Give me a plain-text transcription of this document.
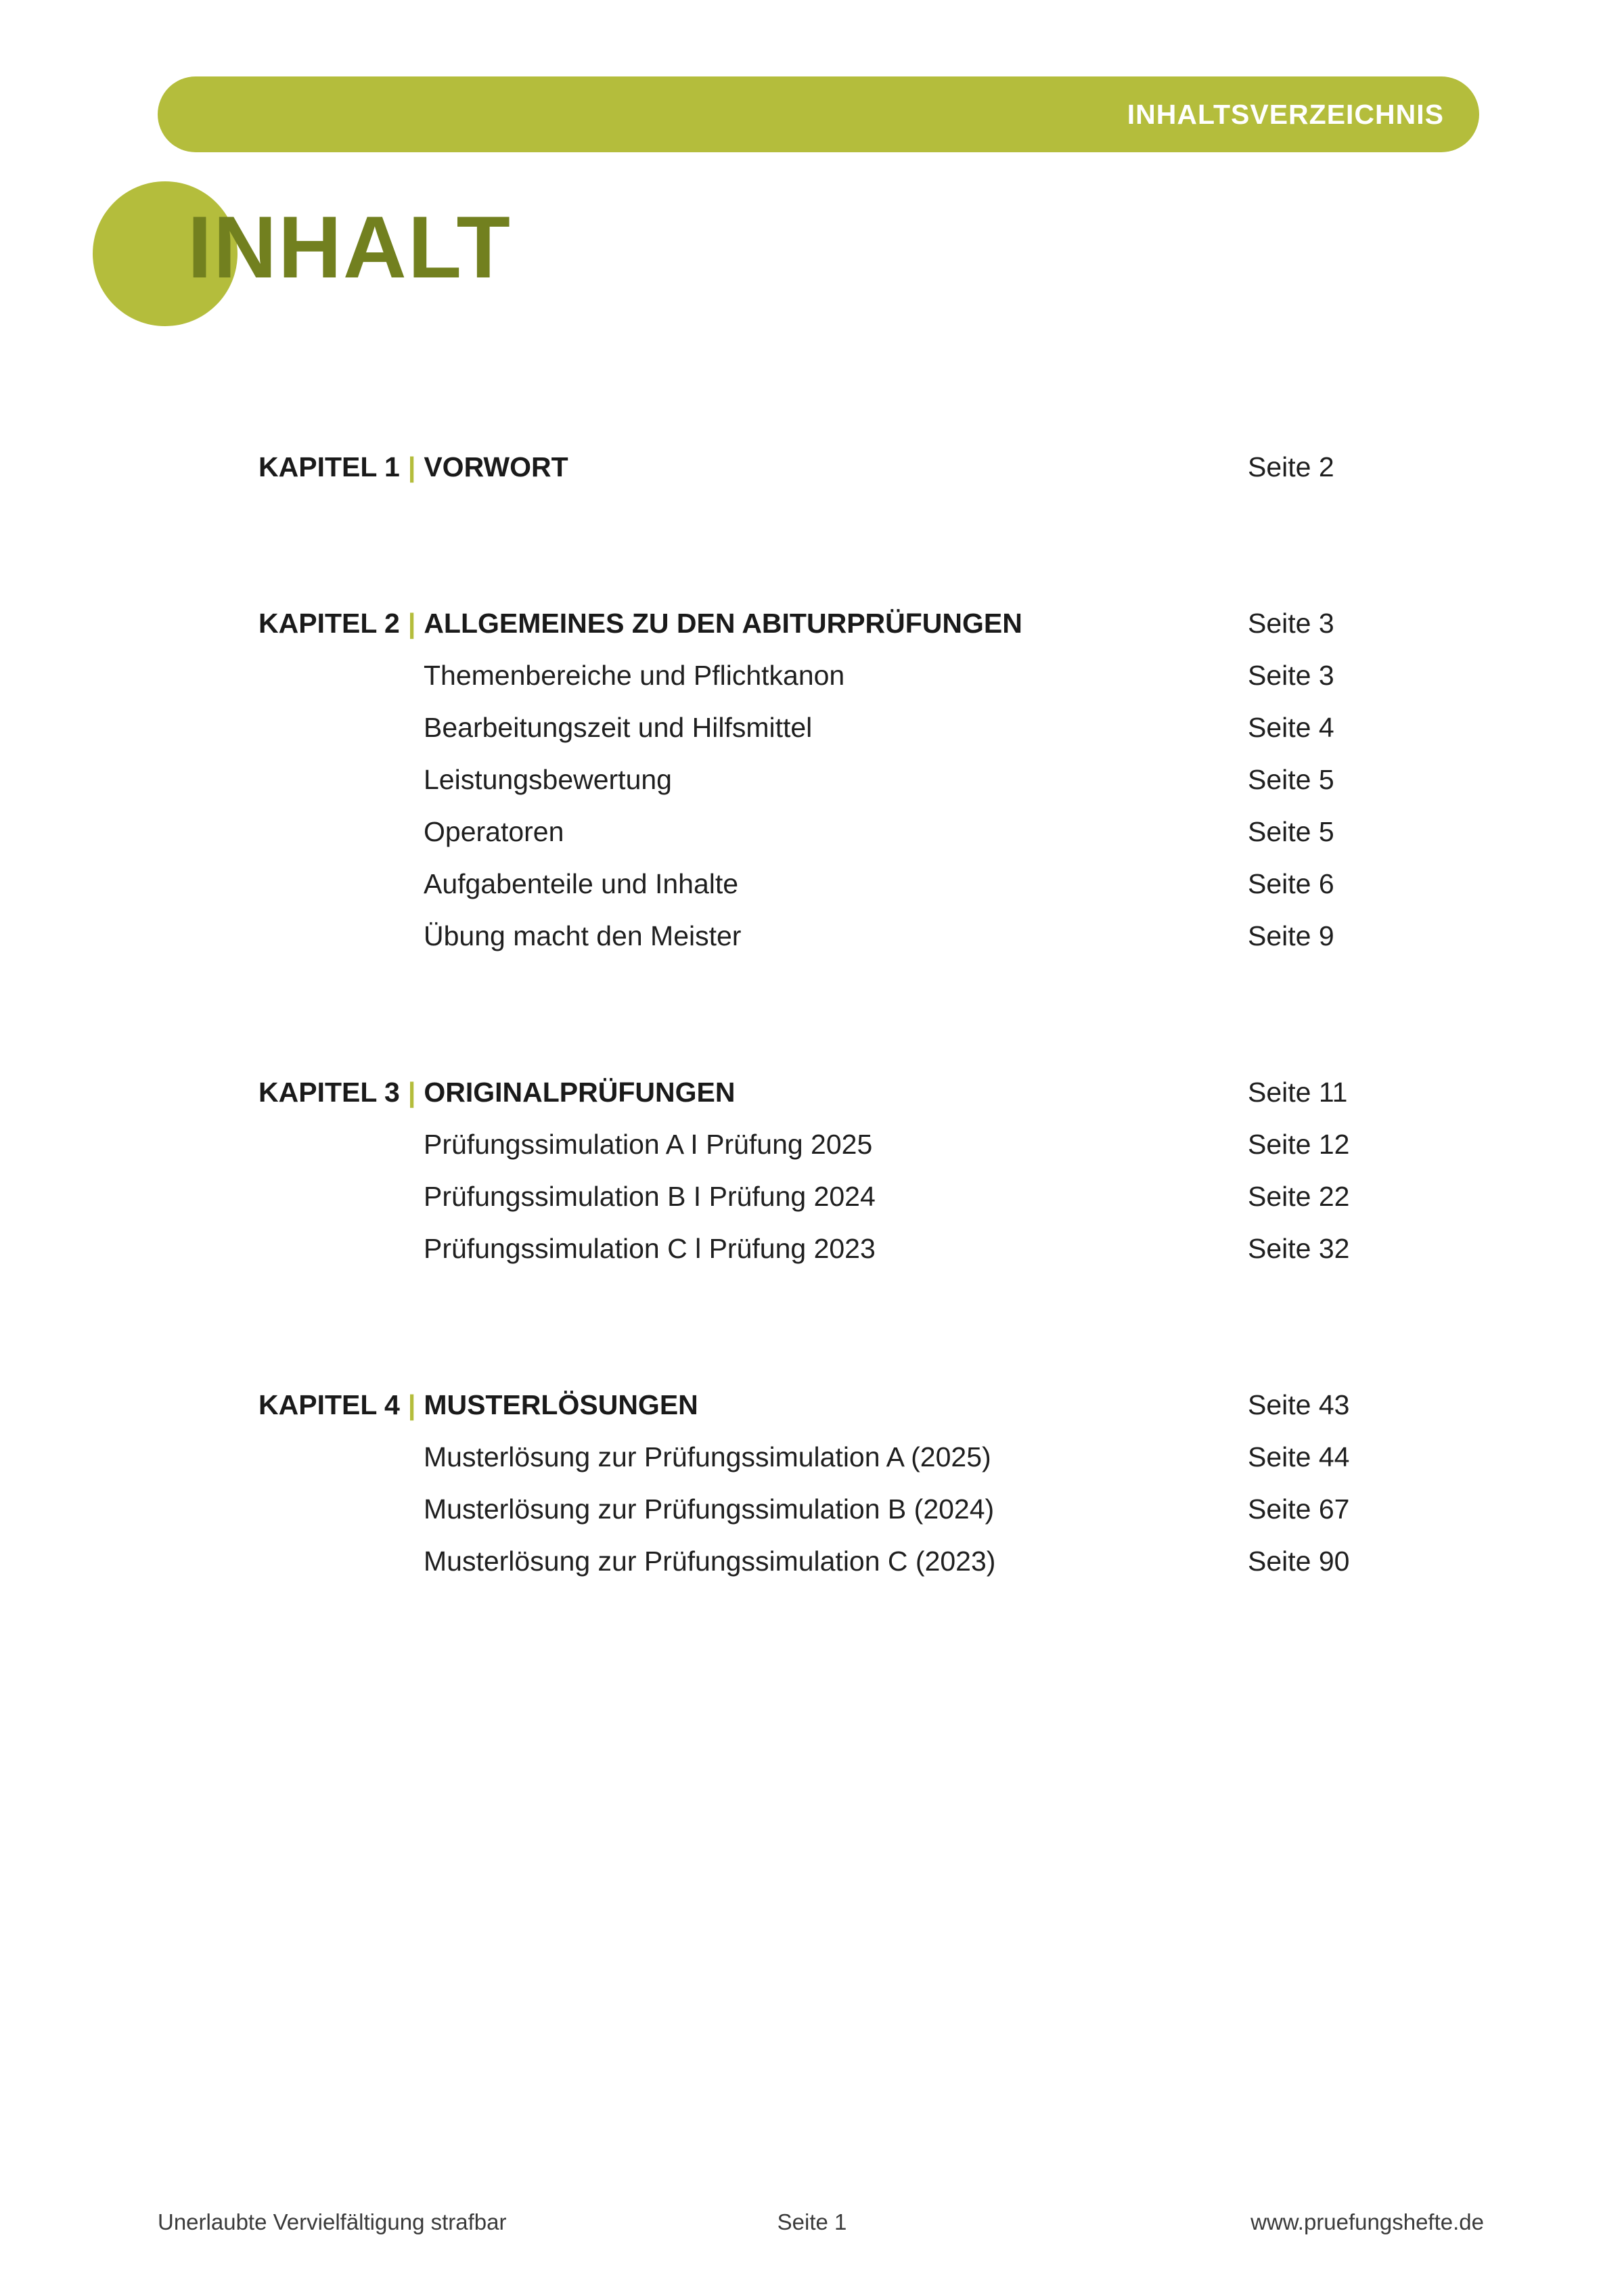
INHALTSVERZEICHNIS
INHALT
KAPITEL 1 | VORWORT	Seite 2
KAPITEL 2 | ALLGEMEINES ZU DEN ABITURPRÜFUNGEN	Seite 3
Themenbereiche und Pflichtkanon	Seite 3
Bearbeitungszeit und Hilfsmittel	Seite 4
Leistungsbewertung	Seite 5
Operatoren	Seite 5
Aufgabenteile und Inhalte	Seite 6
Übung macht den Meister	Seite 9
KAPITEL 3 | ORIGINALPRÜFUNGEN	Seite 11
Prüfungssimulation A I Prüfung 2025	Seite 12
Prüfungssimulation B I Prüfung 2024	Seite 22
Prüfungssimulation C l Prüfung 2023	Seite 32
KAPITEL 4 | MUSTERLÖSUNGEN	Seite 43
Musterlösung zur Prüfungssimulation A (2025)	Seite 44
Musterlösung zur Prüfungssimulation B (2024)	Seite 67
Musterlösung zur Prüfungssimulation C (2023)	Seite 90
Seite 1
Unerlaubte Vervielfältigung strafbar	www.pruefungshefte.de
